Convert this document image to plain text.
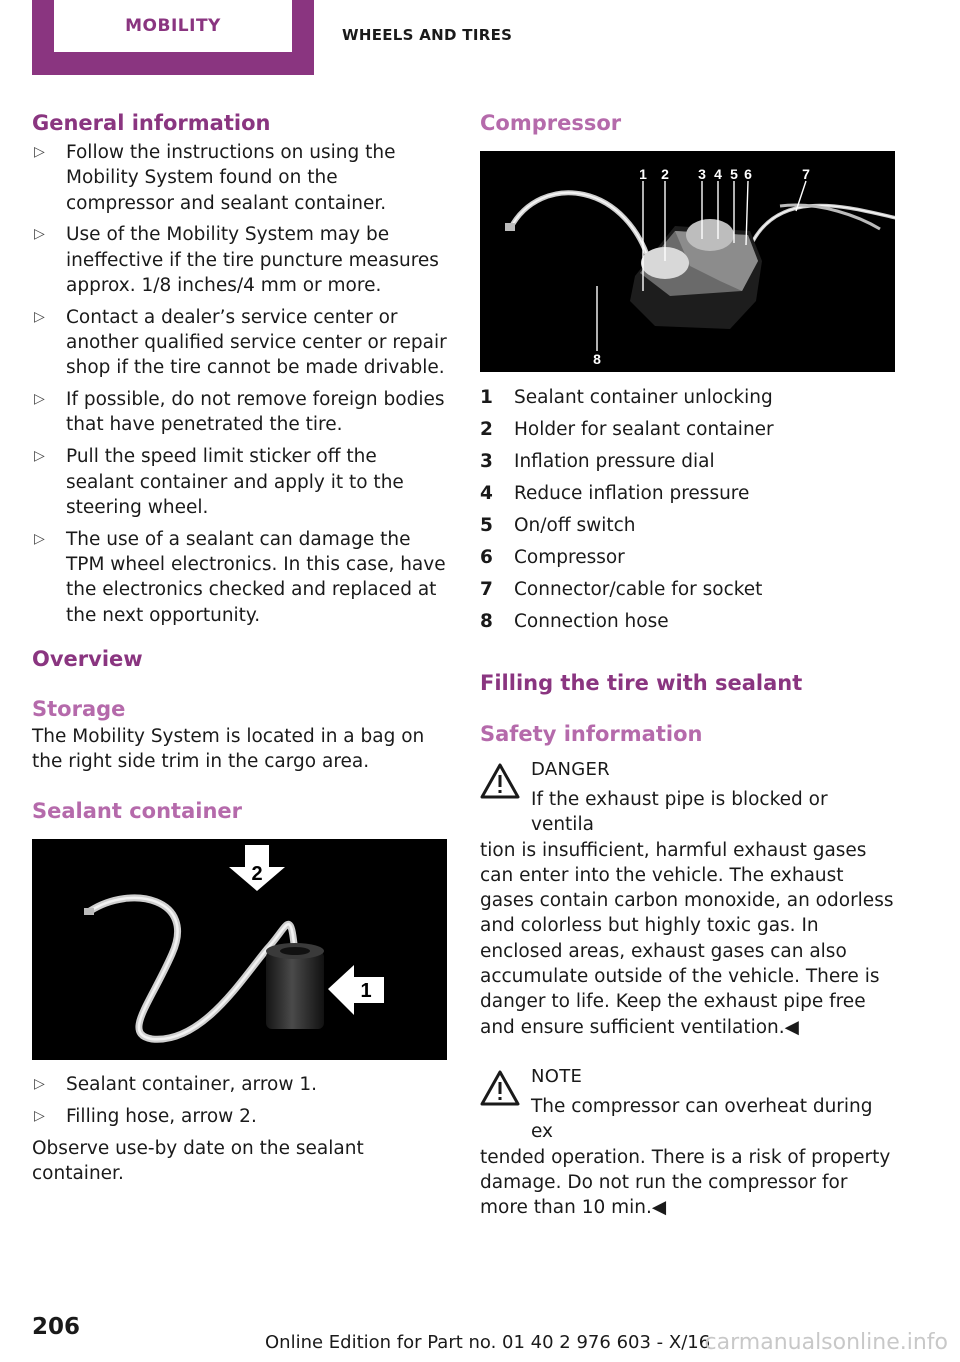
MOBILITY	WHEELS AND TIRES
General information
▷ Follow the instructions on using the Mobility System found on the compressor and sealant container.
▷ Use of the Mobility System may be ineffective if the tire puncture measures approx. 1/8 inches/4 mm or more.
▷ Contact a dealer’s service center or another qualified service center or repair shop if the tire cannot be made drivable.
▷ If possible, do not remove foreign bodies that have penetrated the tire.
▷ Pull the speed limit sticker off the sealant container and apply it to the steering wheel.
▷ The use of a sealant can damage the TPM wheel electronics. In this case, have the electronics checked and replaced at the next opportunity.
Overview
Storage

The Mobility System is located in a bag on the right side trim in the cargo area.

Sealant container
2
1
▷ Sealant container, arrow 1.
▷ Filling hose, arrow 2.

Observe use-by date on the sealant container.

Compressor
1 2 3 4 5 6	7
8
1	Sealant container unlocking
2	Holder for sealant container
3	Inflation pressure dial
4	Reduce inflation pressure
5	On/off switch
6	Compressor
7	Connector/cable for socket
8	Connection hose
Filling the tire with sealant
Safety information
DANGER

If the exhaust pipe is blocked or ventila

tion is insufficient, harmful exhaust gases can enter into the vehicle. The exhaust gases contain carbon monoxide, an odorless and colorless but highly toxic gas. In enclosed areas, exhaust gases can also accumulate outside of the vehicle. There is danger to life. Keep the exhaust pipe free and ensure sufficient ventilation.◀

NOTE

The compressor can overheat during ex

tended operation. There is a risk of property damage. Do not run the compressor for more than 10 min.◀

206
Online Edition for Part no. 01 40 2 976 603 - X/16
carmanualsonline.info
